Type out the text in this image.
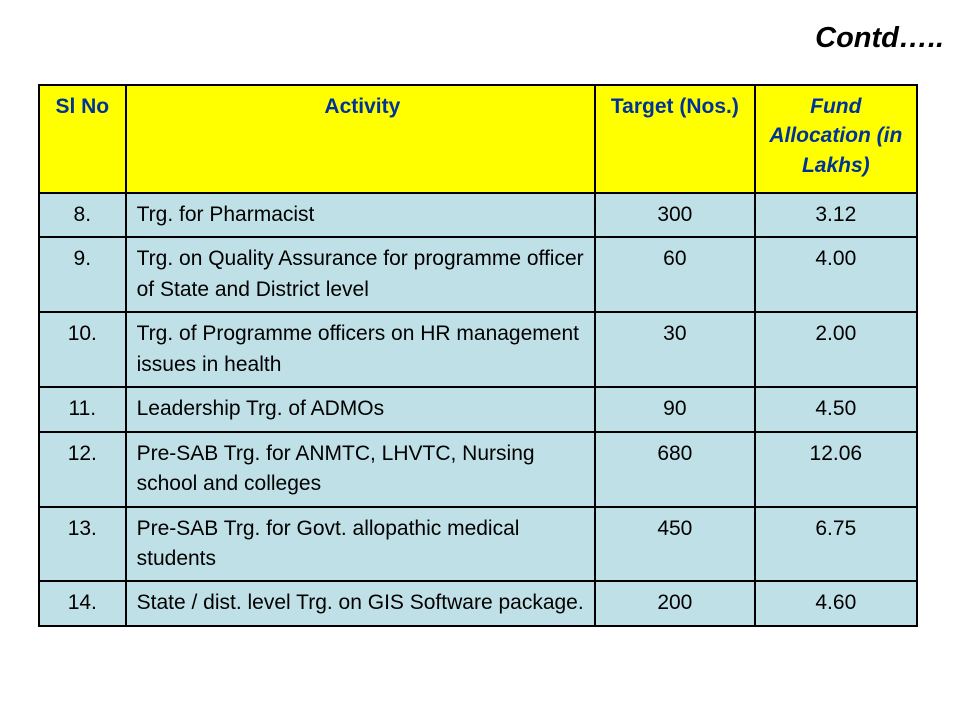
Contd…..
Sl No	Activity	Target (Nos.)	Fund Allocation (in Lakhs)
8.	Trg. for Pharmacist	300	3.12
9.	Trg. on Quality Assurance for programme officer of State and District level	60	4.00
10.	Trg. of Programme officers on HR management issues in health	30	2.00
11.	Leadership Trg. of ADMOs	90	4.50
12.	Pre-SAB Trg. for ANMTC, LHVTC, Nursing school and colleges	680	12.06
13.	Pre-SAB Trg. for Govt. allopathic medical students	450	6.75
14.	State / dist. level Trg. on GIS Software package.	200	4.60
